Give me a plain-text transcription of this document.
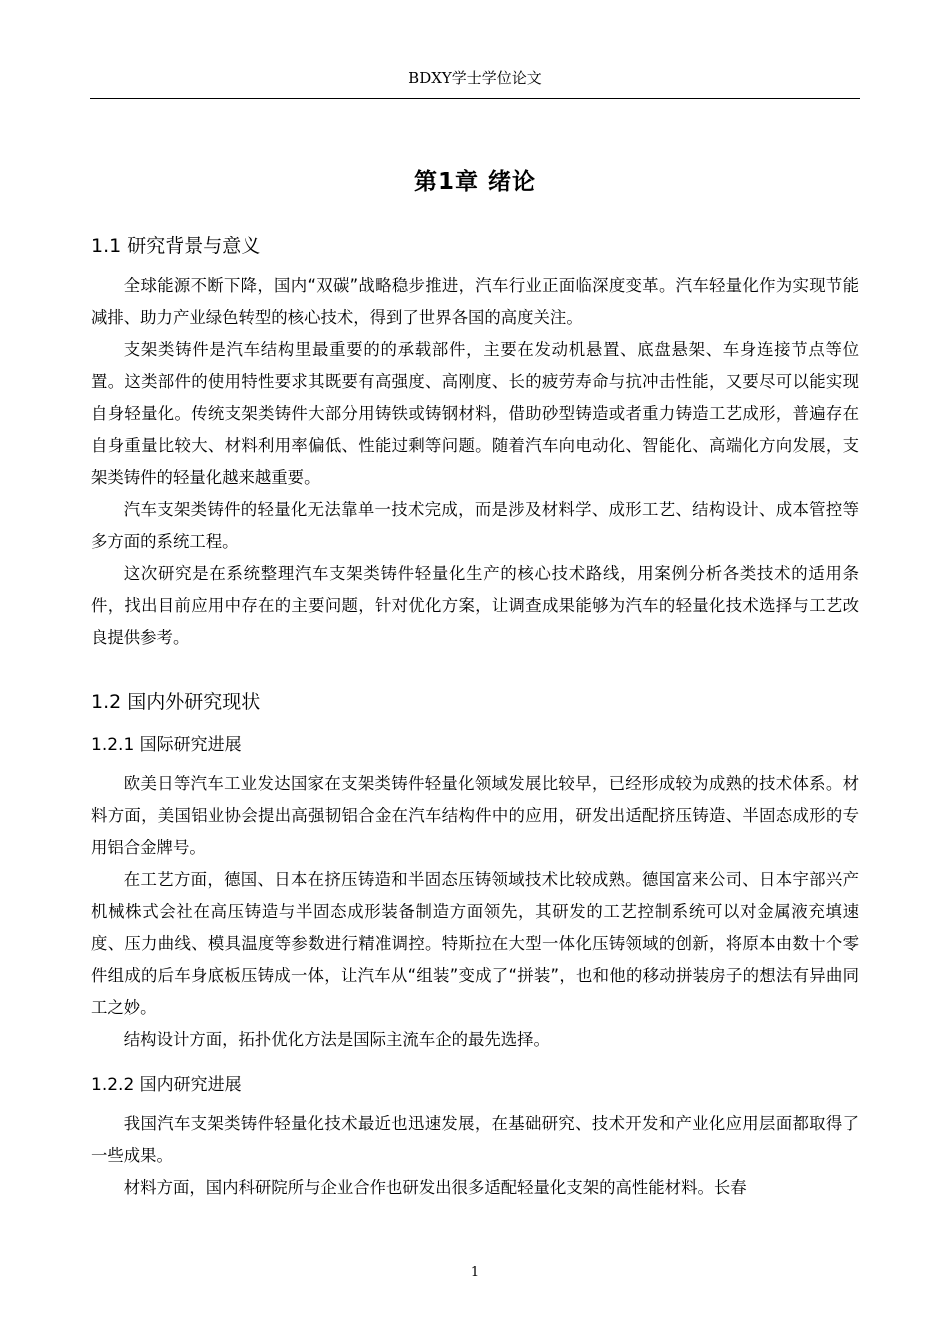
BDXY学士学位论文
第1章 绪论
1.1 研究背景与意义

全球能源不断下降，国内“双碳”战略稳步推进，汽车行业正面临深度变革。汽车轻量化作为实现节能减排、助力产业绿色转型的核心技术，得到了世界各国的高度关注。

支架类铸件是汽车结构里最重要的的承载部件，主要在发动机悬置、底盘悬架、车身连接节点等位置。这类部件的使用特性要求其既要有高强度、高刚度、长的疲劳寿命与抗冲击性能，又要尽可以能实现自身轻量化。传统支架类铸件大部分用铸铁或铸钢材料，借助砂型铸造或者重力铸造工艺成形，普遍存在自身重量比较大、材料利用率偏低、性能过剩等问题。随着汽车向电动化、智能化、高端化方向发展，支架类铸件的轻量化越来越重要。

汽车支架类铸件的轻量化无法靠单一技术完成，而是涉及材料学、成形工艺、结构设计、成本管控等多方面的系统工程。

这次研究是在系统整理汽车支架类铸件轻量化生产的核心技术路线，用案例分析各类技术的适用条件，找出目前应用中存在的主要问题，针对优化方案，让调查成果能够为汽车的轻量化技术选择与工艺改良提供参考。

1.2 国内外研究现状
1.2.1 国际研究进展

欧美日等汽车工业发达国家在支架类铸件轻量化领域发展比较早，已经形成较为成熟的技术体系。材料方面，美国铝业协会提出高强韧铝合金在汽车结构件中的应用，研发出适配挤压铸造、半固态成形的专用铝合金牌号。

在工艺方面，德国、日本在挤压铸造和半固态压铸领域技术比较成熟。德国富来公司、日本宇部兴产机械株式会社在高压铸造与半固态成形装备制造方面领先，其研发的工艺控制系统可以对金属液充填速度、压力曲线、模具温度等参数进行精准调控。特斯拉在大型一体化压铸领域的创新，将原本由数十个零件组成的后车身底板压铸成一体，让汽车从“组装”变成了“拼装”，也和他的移动拼装房子的想法有异曲同工之妙。

结构设计方面，拓扑优化方法是国际主流车企的最先选择。

1.2.2 国内研究进展

我国汽车支架类铸件轻量化技术最近也迅速发展，在基础研究、技术开发和产业化应用层面都取得了一些成果。

材料方面，国内科研院所与企业合作也研发出很多适配轻量化支架的高性能材料。长春

1
